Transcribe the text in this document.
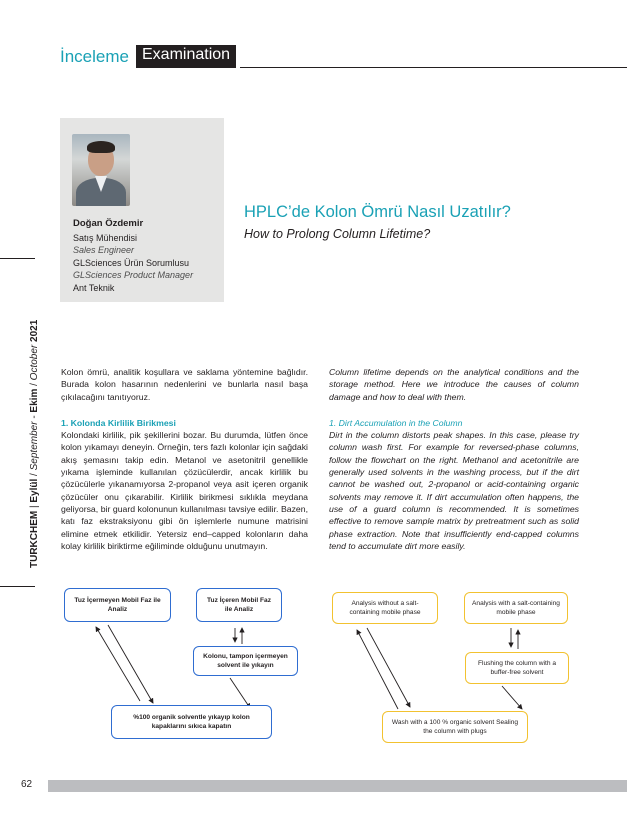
İnceleme Examination
Doğan Özdemir
Satış Mühendisi
Sales Engineer
GLSciences Ürün Sorumlusu
GLSciences Product Manager
Ant Teknik
HPLC’de Kolon Ömrü Nasıl Uzatılır?
How to Prolong Column Lifetime?
TURKCHEM | Eylül / September - Ekim / October 2021

Kolon ömrü, analitik koşullara ve saklama yöntemine bağlıdır. Burada kolon hasarının nedenlerini ve bunlarla nasıl başa çıkılacağını tanıtıyoruz.

1. Kolonda Kirlilik Birikmesi

Kolondaki kirlilik, pik şekillerini bozar. Bu durumda, lütfen önce kolon yıkamayı deneyin. Örneğin, ters fazlı kolonlar için sağdaki akış şemasını takip edin. Metanol ve asetonitril genellikle yıkama işleminde kullanılan çözücülerdir, ancak kirlilik bu çözücülerle yıkanamıyorsa 2-propanol veya asit içeren organik çözücüler onu çıkarabilir. Kirlilik birikmesi sıklıkla meydana geliyorsa, bir guard kolonunun kullanılması tavsiye edilir. Bazen, katı faz ekstraksiyonu gibi ön işlemlerle numune matrisini elimine etmek etkilidir. Yetersiz end–capped kolonların daha kolay kirlilik biriktirme eğiliminde olduğunu unutmayın.

Column lifetime depends on the analytical conditions and the storage method. Here we introduce the causes of column damage and how to deal with them.

1. Dirt Accumulation in the Column

Dirt in the column distorts peak shapes. In this case, please try column wash first. For example for reversed-phase columns, follow the flowchart on the right. Methanol and acetonitrile are generally used solvents in the washing process, but if the dirt cannot be washed out, 2-propanol or acid-containing organic solvents may remove it. If dirt accumulation often happens, the use of a guard column is recommended. It is sometimes effective to remove sample matrix by pretreatment such as solid phase extraction. Note that insufficiently end-capped columns tend to accumulate dirt more easily.

Tuz İçermeyen Mobil Faz ile Analiz
Tuz İçeren Mobil Faz ile Analiz
Kolonu, tampon içermeyen solvent ile yıkayın
%100 organik solventle yıkayıp kolon kapaklarını sıkıca kapatın
Analysis without a salt-containing mobile phase
Analysis with a salt-containing mobile phase
Flushing the column with a buffer-free solvent
Wash with a 100 % organic solvent Sealing the column with plugs
62
